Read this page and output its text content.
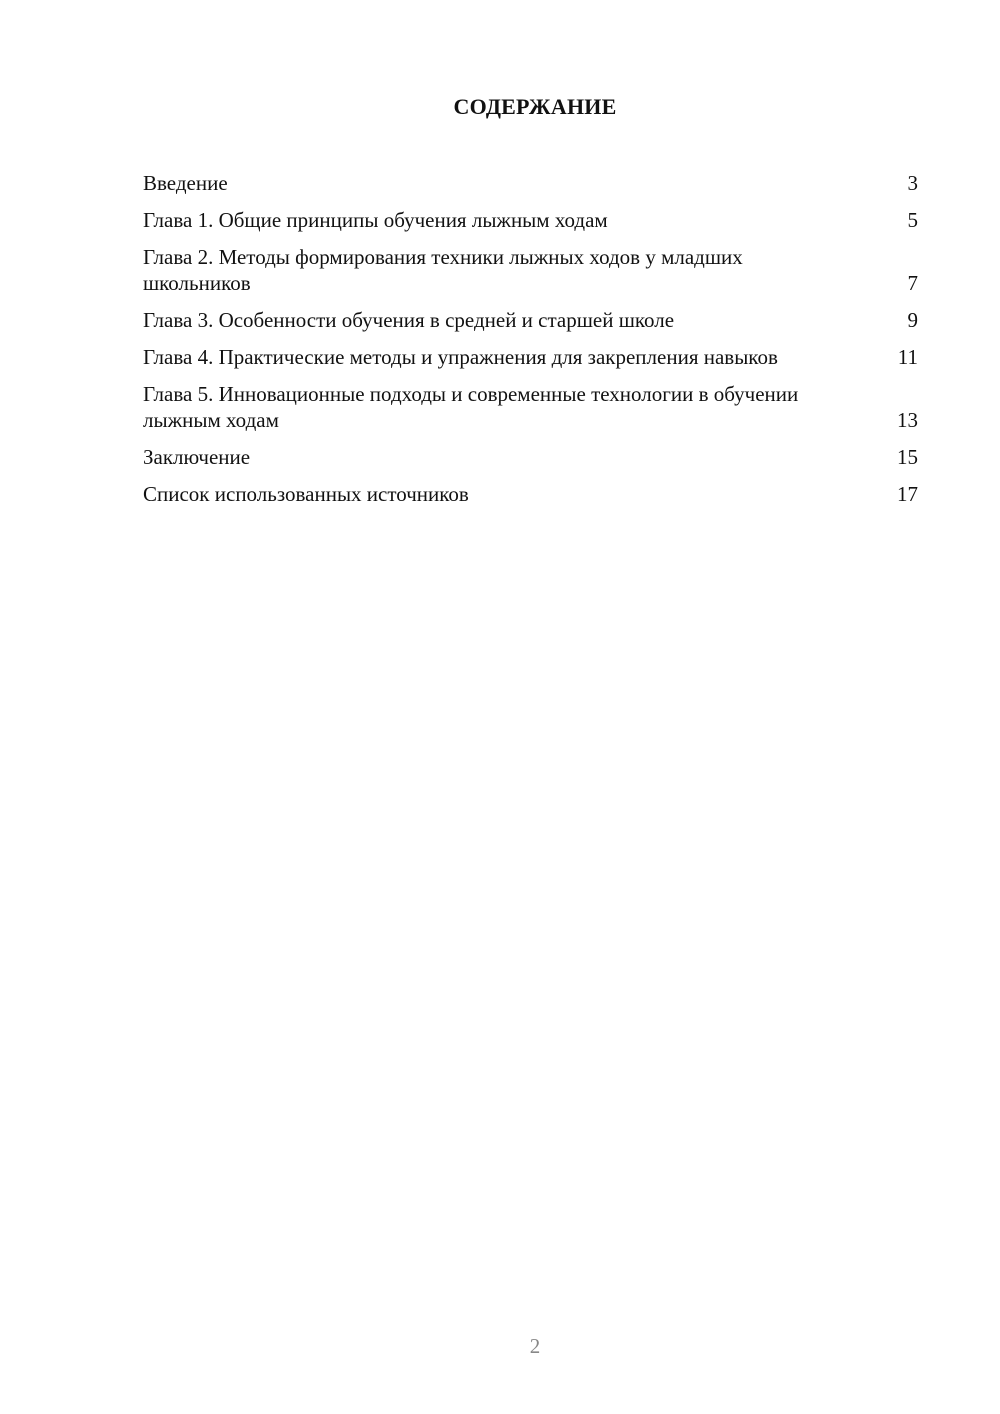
СОДЕРЖАНИЕ
Введение	3
Глава 1. Общие принципы обучения лыжным ходам	5
Глава 2. Методы формирования техники лыжных ходов у младших школьников	7
Глава 3. Особенности обучения в средней и старшей школе	9
Глава 4. Практические методы и упражнения для закрепления навыков	11
Глава 5. Инновационные подходы и современные технологии в обучении лыжным ходам	13
Заключение	15
Список использованных источников	17
2
